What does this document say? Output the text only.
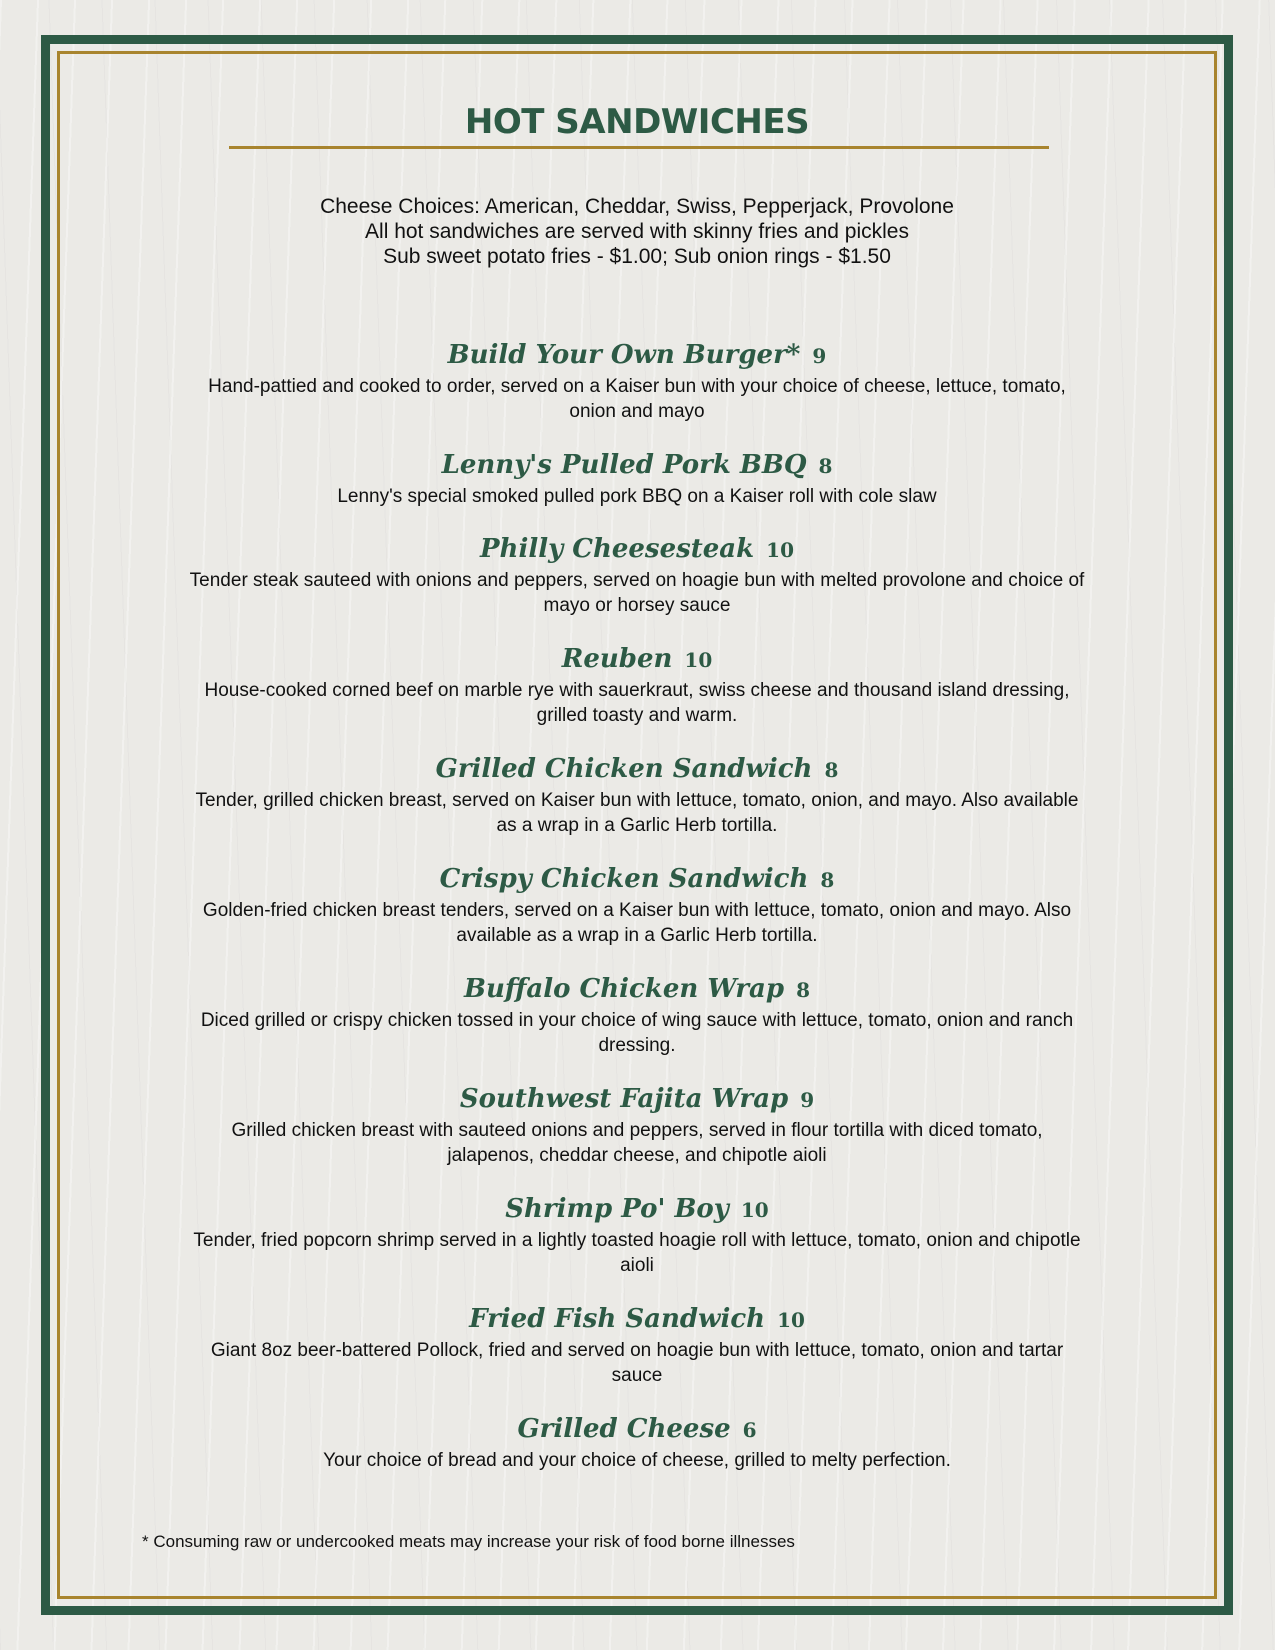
HOT SANDWICHES
Cheese Choices: American, Cheddar, Swiss, Pepperjack, Provolone
All hot sandwiches are served with skinny fries and pickles
Sub sweet potato fries - $1.00; Sub onion rings - $1.50
Build Your Own Burger* 9
Hand-pattied and cooked to order, served on a Kaiser bun with your choice of cheese, lettuce, tomato, onion and mayo
Lenny's Pulled Pork BBQ 8
Lenny's special smoked pulled pork BBQ on a Kaiser roll with cole slaw
Philly Cheesesteak 10
Tender steak sauteed with onions and peppers, served on hoagie bun with melted provolone and choice of mayo or horsey sauce
Reuben 10
House-cooked corned beef on marble rye with sauerkraut, swiss cheese and thousand island dressing, grilled toasty and warm.
Grilled Chicken Sandwich 8
Tender, grilled chicken breast, served on Kaiser bun with lettuce, tomato, onion, and mayo. Also available as a wrap in a Garlic Herb tortilla.
Crispy Chicken Sandwich 8
Golden-fried chicken breast tenders, served on a Kaiser bun with lettuce, tomato, onion and mayo. Also available as a wrap in a Garlic Herb tortilla.
Buffalo Chicken Wrap 8
Diced grilled or crispy chicken tossed in your choice of wing sauce with lettuce, tomato, onion and ranch dressing.
Southwest Fajita Wrap 9
Grilled chicken breast with sauteed onions and peppers, served in flour tortilla with diced tomato, jalapenos, cheddar cheese, and chipotle aioli
Shrimp Po' Boy 10
Tender, fried popcorn shrimp served in a lightly toasted hoagie roll with lettuce, tomato, onion and chipotle aioli
Fried Fish Sandwich 10
Giant 8oz beer-battered Pollock, fried and served on hoagie bun with lettuce, tomato, onion and tartar sauce
Grilled Cheese 6
Your choice of bread and your choice of cheese, grilled to melty perfection.
* Consuming raw or undercooked meats may increase your risk of food borne illnesses
